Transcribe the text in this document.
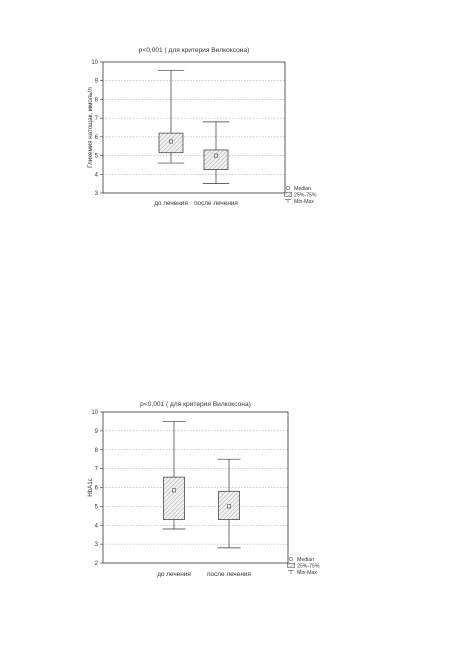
p<0,001 ( для критерия Вилкоксона)
3
4
5
6
7
8
9
10
Гликемия натощак, ммоль/л
до лечения после лечения
Median
25%-75%
Min-Max
p<0,001 ( для критерия Вилкоксона)
2
3
4
5
6
7
8
9
10
HbA1c
до лечения	после лечения
Median
25%-75%
Min-Max
